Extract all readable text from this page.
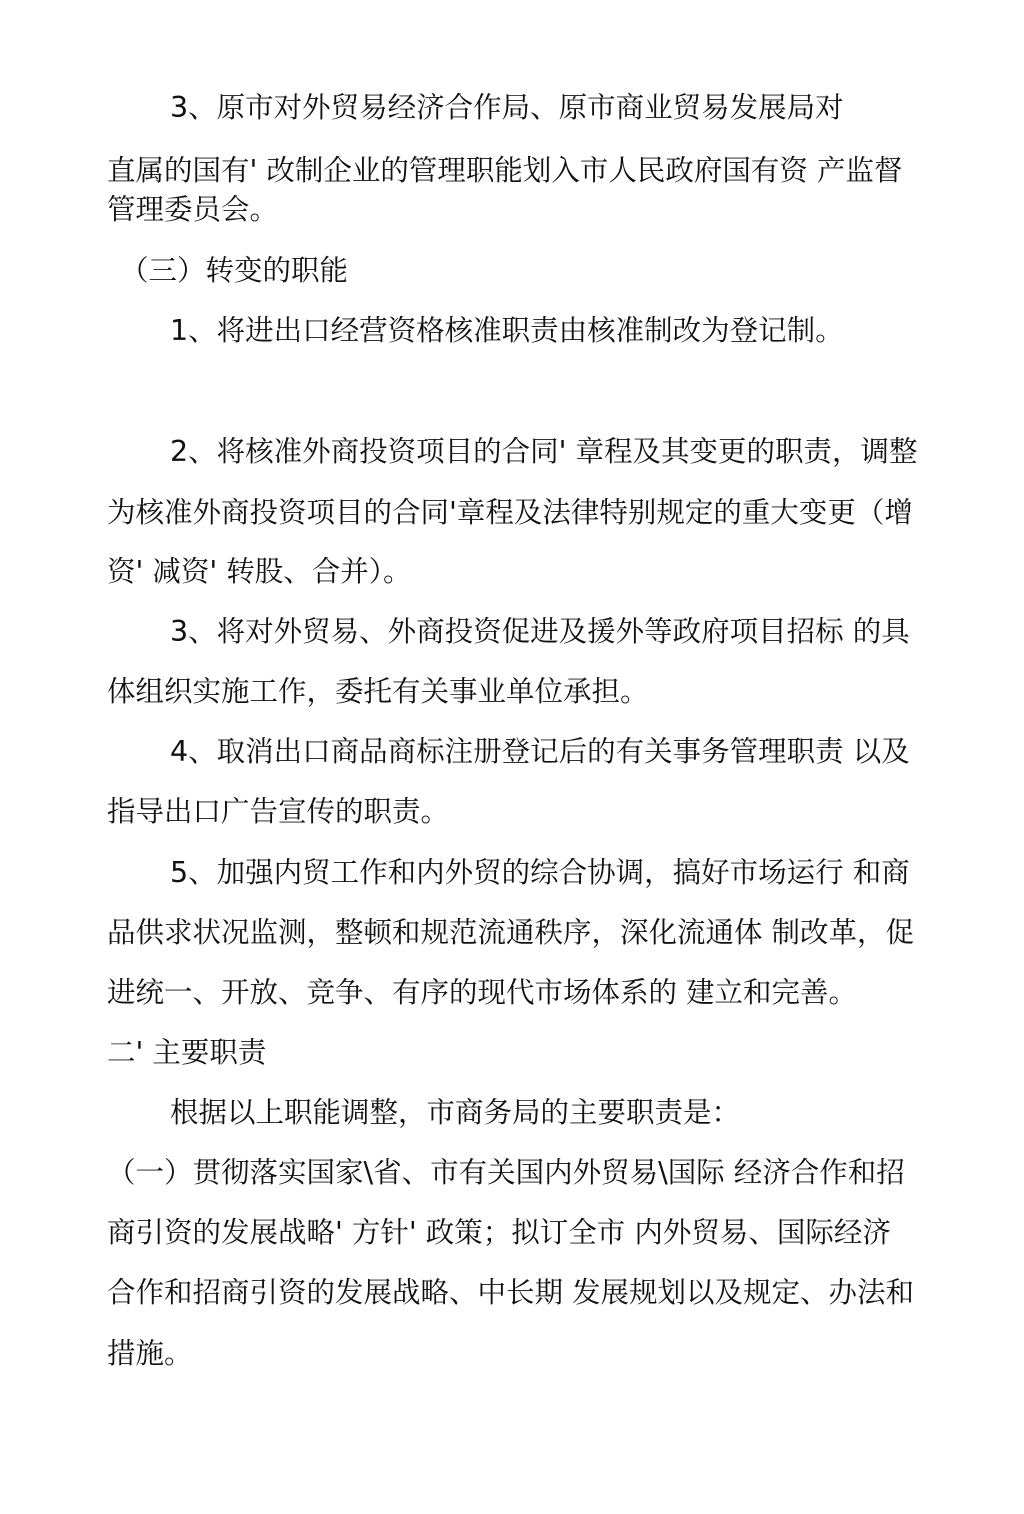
3、原市对外贸易经济合作局、原市商业贸易发展局对
直属的国有' 改制企业的管理职能划入市人民政府国有资 产监督
管理委员会。
（三）转变的职能
1、将进出口经营资格核准职责由核准制改为登记制。
2、将核准外商投资项目的合同' 章程及其变更的职责，调整
为核准外商投资项目的合同'章程及法律特别规定的重大变更（增
资' 减资' 转股、合并）。
3、将对外贸易、外商投资促进及援外等政府项目招标 的具
体组织实施工作，委托有关事业单位承担。
4、取消出口商品商标注册登记后的有关事务管理职责 以及
指导出口广告宣传的职责。
5、加强内贸工作和内外贸的综合协调，搞好市场运行 和商
品供求状况监测，整顿和规范流通秩序，深化流通体 制改革，促
进统一、开放、竞争、有序的现代市场体系的 建立和完善。
二' 主要职责
根据以上职能调整，市商务局的主要职责是：
（一）贯彻落实国家\省、市有关国内外贸易\国际 经济合作和招
商引资的发展战略' 方针' 政策；拟订全市 内外贸易、国际经济
合作和招商引资的发展战略、中长期 发展规划以及规定、办法和
措施。
